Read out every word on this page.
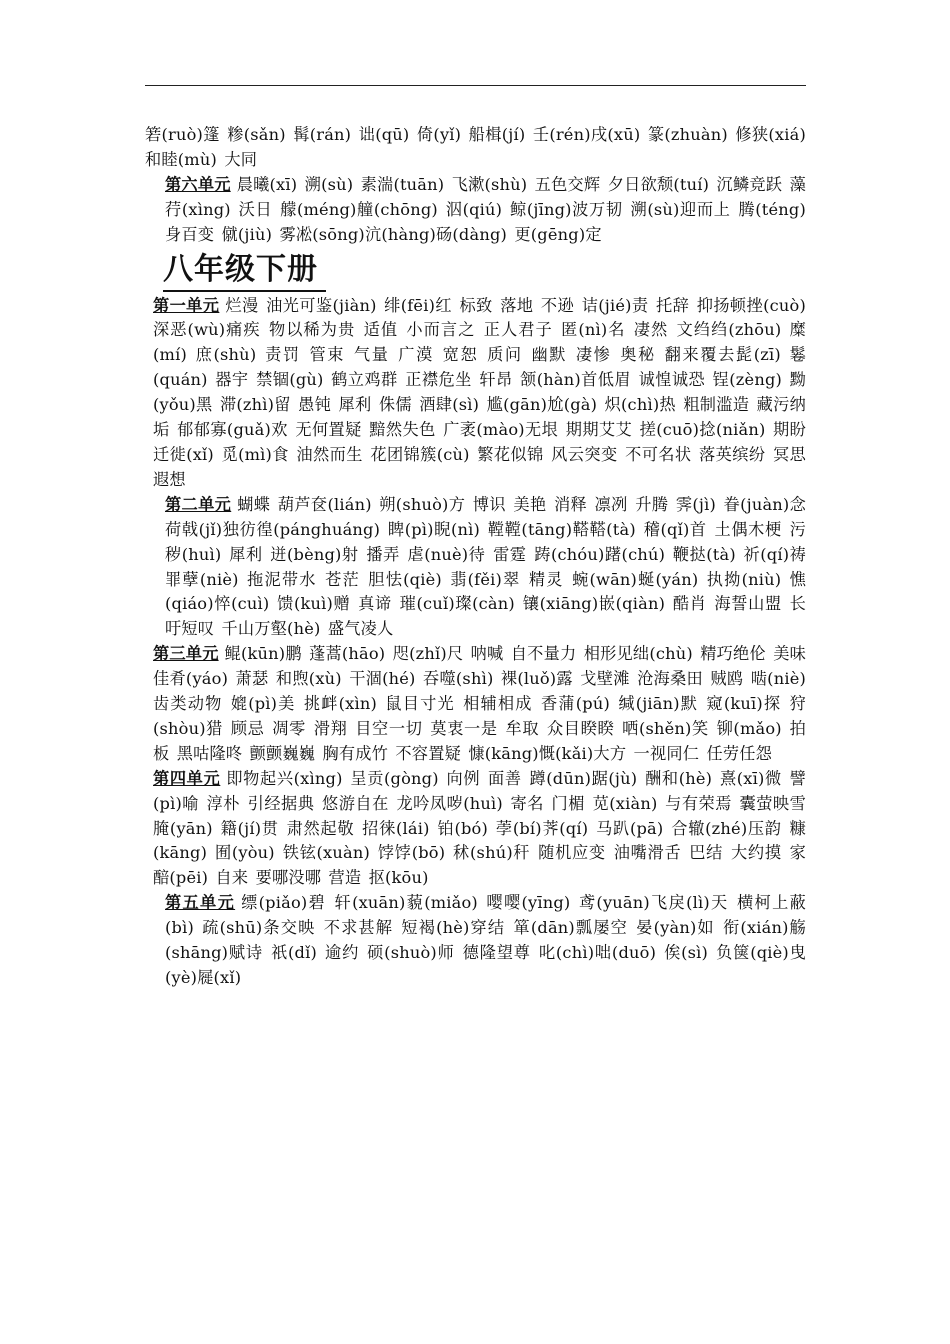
箬(ruò)篷 糁(sǎn) 髯(rán) 诎(qū) 倚(yǐ) 船楫(jí) 壬(rén)戌(xū) 篆(zhuàn) 修狭(xiá) 和睦(mù) 大同
第六单元 晨曦(xī) 溯(sù) 素湍(tuān) 飞漱(shù) 五色交辉 夕日欲颓(tuí) 沉鳞竞跃 藻荇(xìng) 沃日 艨(méng)艟(chōng) 泅(qiú) 鲸(jīng)波万韧 溯(sù)迎而上 腾(téng)身百变 僦(jiù) 雾凇(sōng)沆(hàng)砀(dàng) 更(gēng)定
八年级下册
第一单元 烂漫 油光可鉴(jiàn) 绯(fēi)红 标致 落地 不逊 诘(jié)责 托辞 抑扬顿挫(cuò) 深恶(wù)痛疾 物以稀为贵 适值 小而言之 正人君子 匿(nì)名 凄然 文绉绉(zhōu) 糜(mí) 庶(shù) 责罚 管束 气量 广漠 宽恕 质问 幽默 凄惨 奥秘 翻来覆去髭(zī) 鬈(quán) 器宇 禁锢(gù) 鹤立鸡群 正襟危坐 轩昂 颔(hàn)首低眉 诚惶诚恐 锃(zèng) 黝(yǒu)黑 滞(zhì)留 愚钝 犀利 侏儒 酒肆(sì) 尴(gān)尬(gà) 炽(chì)热 粗制滥造 藏污纳垢 郁郁寡(guǎ)欢 无何置疑 黯然失色 广袤(mào)无垠 期期艾艾 搓(cuō)捻(niǎn) 期盼 迁徙(xǐ) 觅(mì)食 油然而生 花团锦簇(cù) 繁花似锦 风云突变 不可名状 落英缤纷 冥思遐想
第二单元 蝴蝶 葫芦奁(lián) 朔(shuò)方 博识 美艳 消释 凛冽 升腾 霁(jì) 眷(juàn)念 荷戟(jǐ)独彷徨(pánghuáng) 睥(pì)睨(nì) 鞺鞺(tāng)鞳鞳(tà) 稽(qǐ)首 土偶木梗 污秽(huì) 犀利 迸(bèng)射 播弄 虐(nuè)待 雷霆 踌(chóu)躇(chú) 鞭挞(tà) 祈(qí)祷 罪孽(niè) 拖泥带水 苍茫 胆怯(qiè) 翡(fěi)翠 精灵 蜿(wān)蜒(yán) 执拗(niù) 憔(qiáo)悴(cuì) 馈(kuì)赠 真谛 璀(cuǐ)璨(càn) 镶(xiāng)嵌(qiàn) 酷肖 海誓山盟 长吁短叹 千山万壑(hè) 盛气凌人
第三单元 鲲(kūn)鹏 蓬蒿(hāo) 咫(zhǐ)尺 呐喊 自不量力 相形见绌(chù) 精巧绝伦 美味佳肴(yáo) 萧瑟 和煦(xù) 干涸(hé) 吞噬(shì) 裸(luǒ)露 戈壁滩 沧海桑田 贼鸥 啮(niè)齿类动物 媲(pì)美 挑衅(xìn) 鼠目寸光 相辅相成 香蒲(pú) 缄(jiān)默 窥(kuī)探 狩(shòu)猎 顾忌 凋零 滑翔 目空一切 莫衷一是 牟取 众目睽睽 哂(shěn)笑 铆(mǎo) 拍板 黑咕隆咚 颤颤巍巍 胸有成竹 不容置疑 慷(kāng)慨(kǎi)大方 一视同仁 任劳任怨
第四单元 即物起兴(xìng) 呈贡(gòng) 向例 面善 蹲(dūn)踞(jù) 酬和(hè) 熹(xī)微 譬(pì)喻 淳朴 引经据典 悠游自在 龙吟凤哕(huì) 寄名 门楣 苋(xiàn) 与有荣焉 囊萤映雪 腌(yān) 籍(jí)贯 肃然起敬 招徕(lái) 铂(bó) 荸(bí)荠(qí) 马趴(pā) 合辙(zhé)压韵 糠(kāng) 囿(yòu) 铁铉(xuàn) 饽饽(bō) 秫(shú)秆 随机应变 油嘴滑舌 巴结 大约摸 家醅(pēi) 自来 要哪没哪 营造 抠(kōu)
第五单元 缥(piǎo)碧 轩(xuān)藐(miǎo) 嘤嘤(yīng) 鸢(yuān)飞戾(lì)天 横柯上蔽(bì) 疏(shū)条交映 不求甚解 短褐(hè)穿结 箪(dān)瓢屡空 晏(yàn)如 衔(xián)觞(shāng)赋诗 祇(dǐ) 逾约 硕(shuò)师 德隆望尊 叱(chì)咄(duō) 俟(sì) 负箧(qiè)曳(yè)屣(xǐ)
